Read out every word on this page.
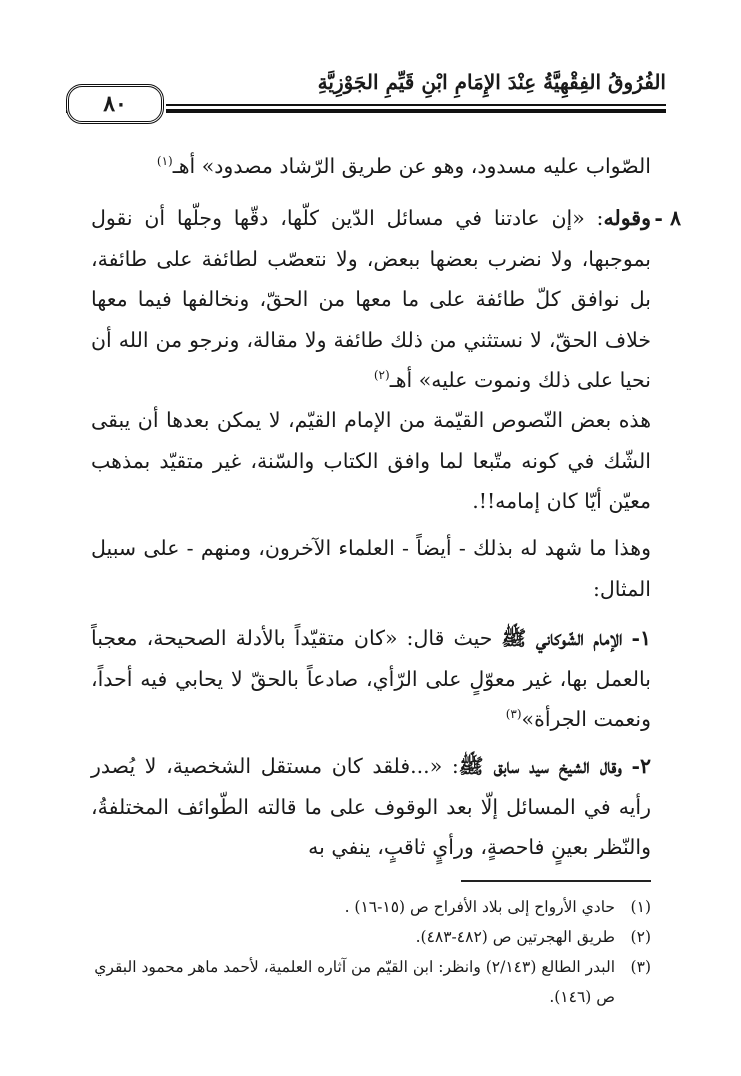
الفُرُوقُ الفِقْهِيَّةُ عِنْدَ الإِمَامِ ابْنِ قَيِّمِ الجَوْزِيَّةِ
٨٠
الصّواب عليه مسدود، وهو عن طريق الرّشاد مصدود» أهـ$^{(١)}$
٨ -
وقوله: «إن عادتنا في مسائل الدّين كلّها، دقّها وجلّها أن نقول بموجبها، ولا نضرب بعضها ببعض، ولا نتعصّب لطائفة على طائفة، بل نوافق كلّ طائفة على ما معها من الحقّ، ونخالفها فيما معها خلاف الحقّ، لا نستثني من ذلك طائفة ولا مقالة، ونرجو من الله أن نحيا على ذلك ونموت عليه» أهـ$^{(٢)}$
هذه بعض النّصوص القيّمة من الإمام القيّم، لا يمكن بعدها أن يبقى الشّك في كونه متّبعا لما وافق الكتاب والسّنة، غير متقيّد بمذهب معيّن أيّا كان إمامه!!.
وهذا ما شهد له بذلك - أيضاً - العلماء الآخرون، ومنهم - على سبيل المثال:
١- الإمام الشّوكاني ﷺ حيث قال: «كان متقيّداً بالأدلة الصحيحة، معجباً بالعمل بها، غير معوّلٍ على الرّأي، صادعاً بالحقّ لا يحابي فيه أحداً، ونعمت الجرأة»$^{(٣)}$
٢- وقال الشيخ سيد سابق ﷺ: «...فلقد كان مستقل الشخصية، لا يُصدر رأيه في المسائل إلّا بعد الوقوف على ما قالته الطّوائف المختلفةُ، والنّظر بعينٍ فاحصةٍ، ورأيٍ ثاقبٍ، ينفي به
(١)
حادي الأرواح إلى بلاد الأفراح ص (١٥-١٦) .
(٢)
طريق الهجرتين ص (٤٨٢-٤٨٣).
(٣)
البدر الطالع (٢/١٤٣) وانظر: ابن القيّم من آثاره العلمية، لأحمد ماهر محمود البقري ص (١٤٦).
